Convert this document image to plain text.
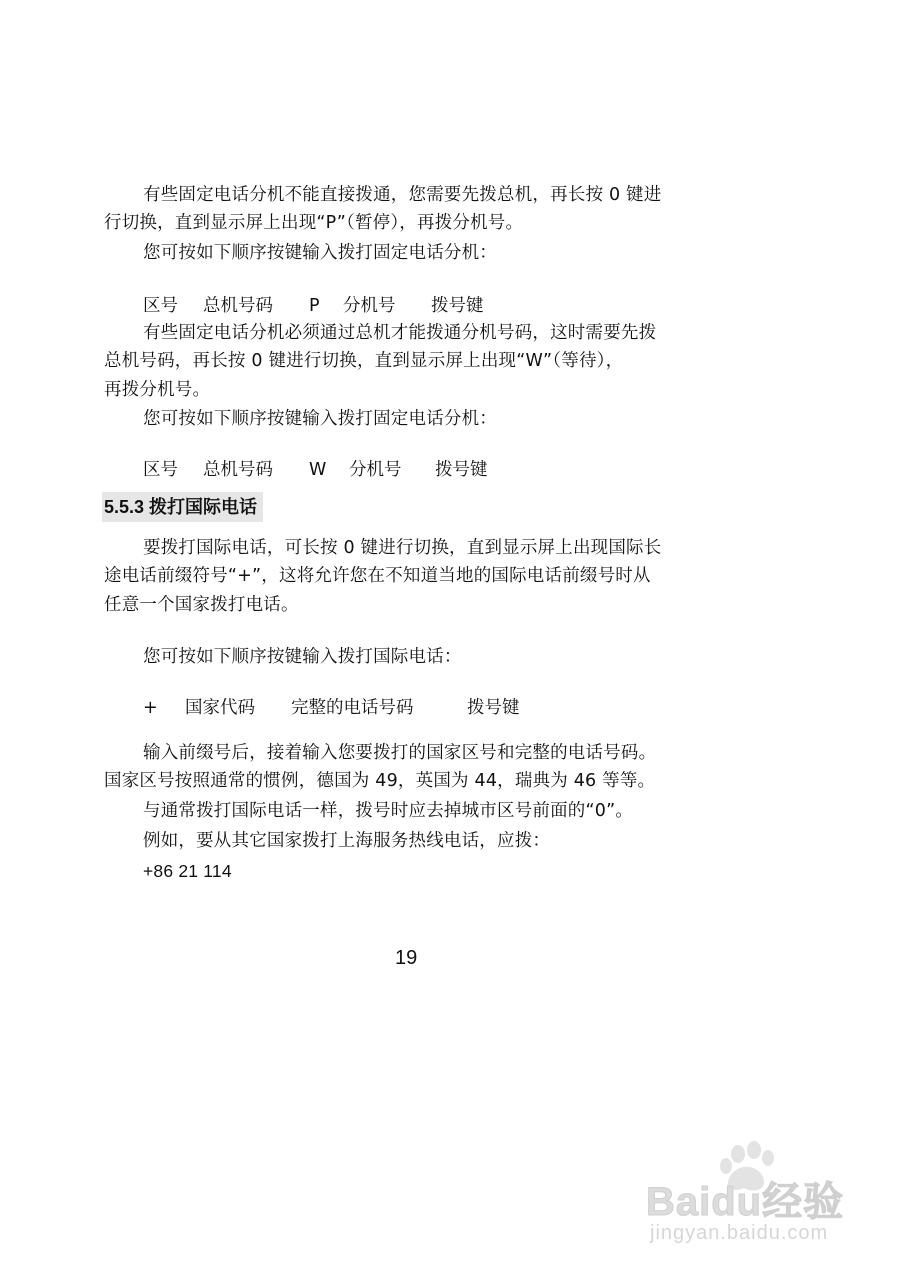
有些固定电话分机不能直接拨通，您需要先拨总机，再长按 0 键进
行切换，直到显示屏上出现“P”（暂停），再拨分机号。
您可按如下顺序按键输入拨打固定电话分机：
区号 总机号码 P 分机号 拨号键
有些固定电话分机必须通过总机才能拨通分机号码，这时需要先拨
总机号码，再长按 0 键进行切换，直到显示屏上出现“W”（等待），
再拨分机号。
您可按如下顺序按键输入拨打固定电话分机：
区号 总机号码 W 分机号 拨号键
5.5.3 拨打国际电话
要拨打国际电话，可长按 0 键进行切换，直到显示屏上出现国际长
途电话前缀符号“+”，这将允许您在不知道当地的国际电话前缀号时从
任意一个国家拨打电话。
您可按如下顺序按键输入拨打国际电话：
+ 国家代码 完整的电话号码	拨号键
输入前缀号后，接着输入您要拨打的国家区号和完整的电话号码。
国家区号按照通常的惯例，德国为 49，英国为 44，瑞典为 46 等等。
与通常拨打国际电话一样，拨号时应去掉城市区号前面的“0”。
例如，要从其它国家拨打上海服务热线电话，应拨：
+86 21 114
19
Baidu经验
jingyan.baidu.com
